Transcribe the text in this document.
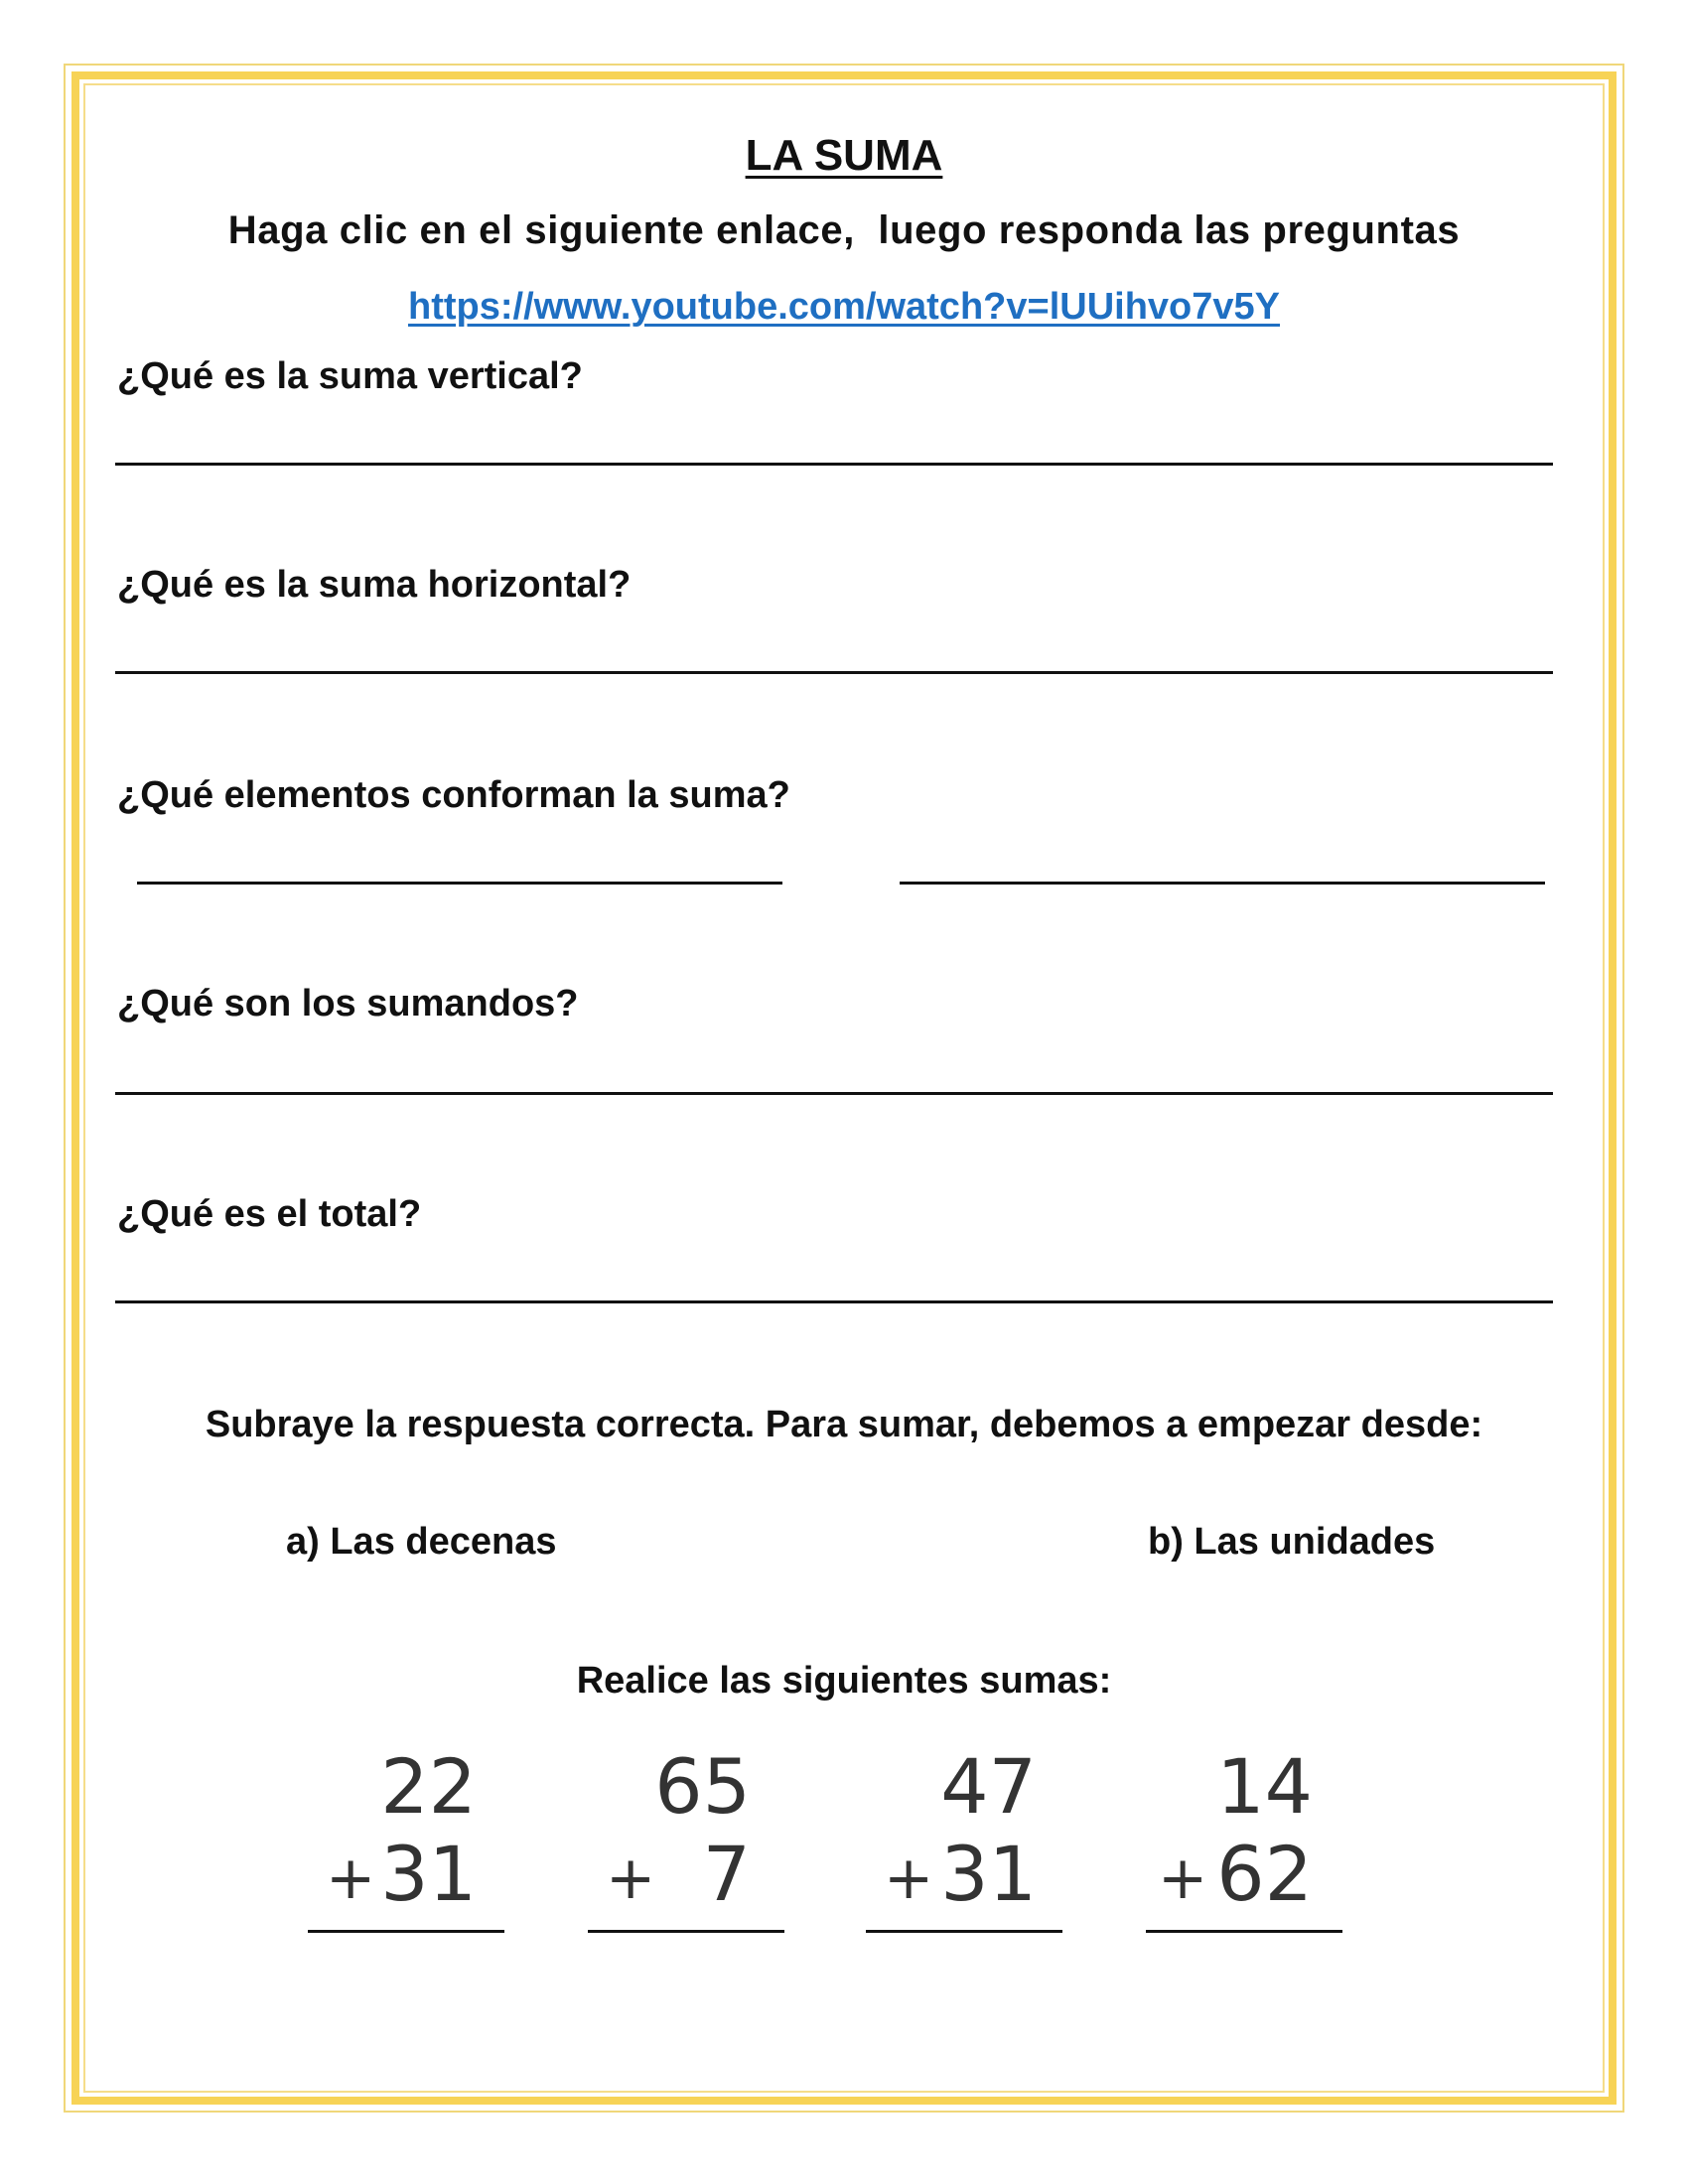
LA SUMA
Haga clic en el siguiente enlace,  luego responda las preguntas
https://www.youtube.com/watch?v=lUUihvo7v5Y
¿Qué es la suma vertical?
¿Qué es la suma horizontal?
¿Qué elementos conforman la suma?
¿Qué son los sumandos?
¿Qué es el total?
Subraye la respuesta correcta. Para sumar, debemos a empezar desde:
a) Las decenas	b) Las unidades
Realice las siguientes sumas:
22
+ 31
65
+ 7
47
+ 31
14
+ 62
